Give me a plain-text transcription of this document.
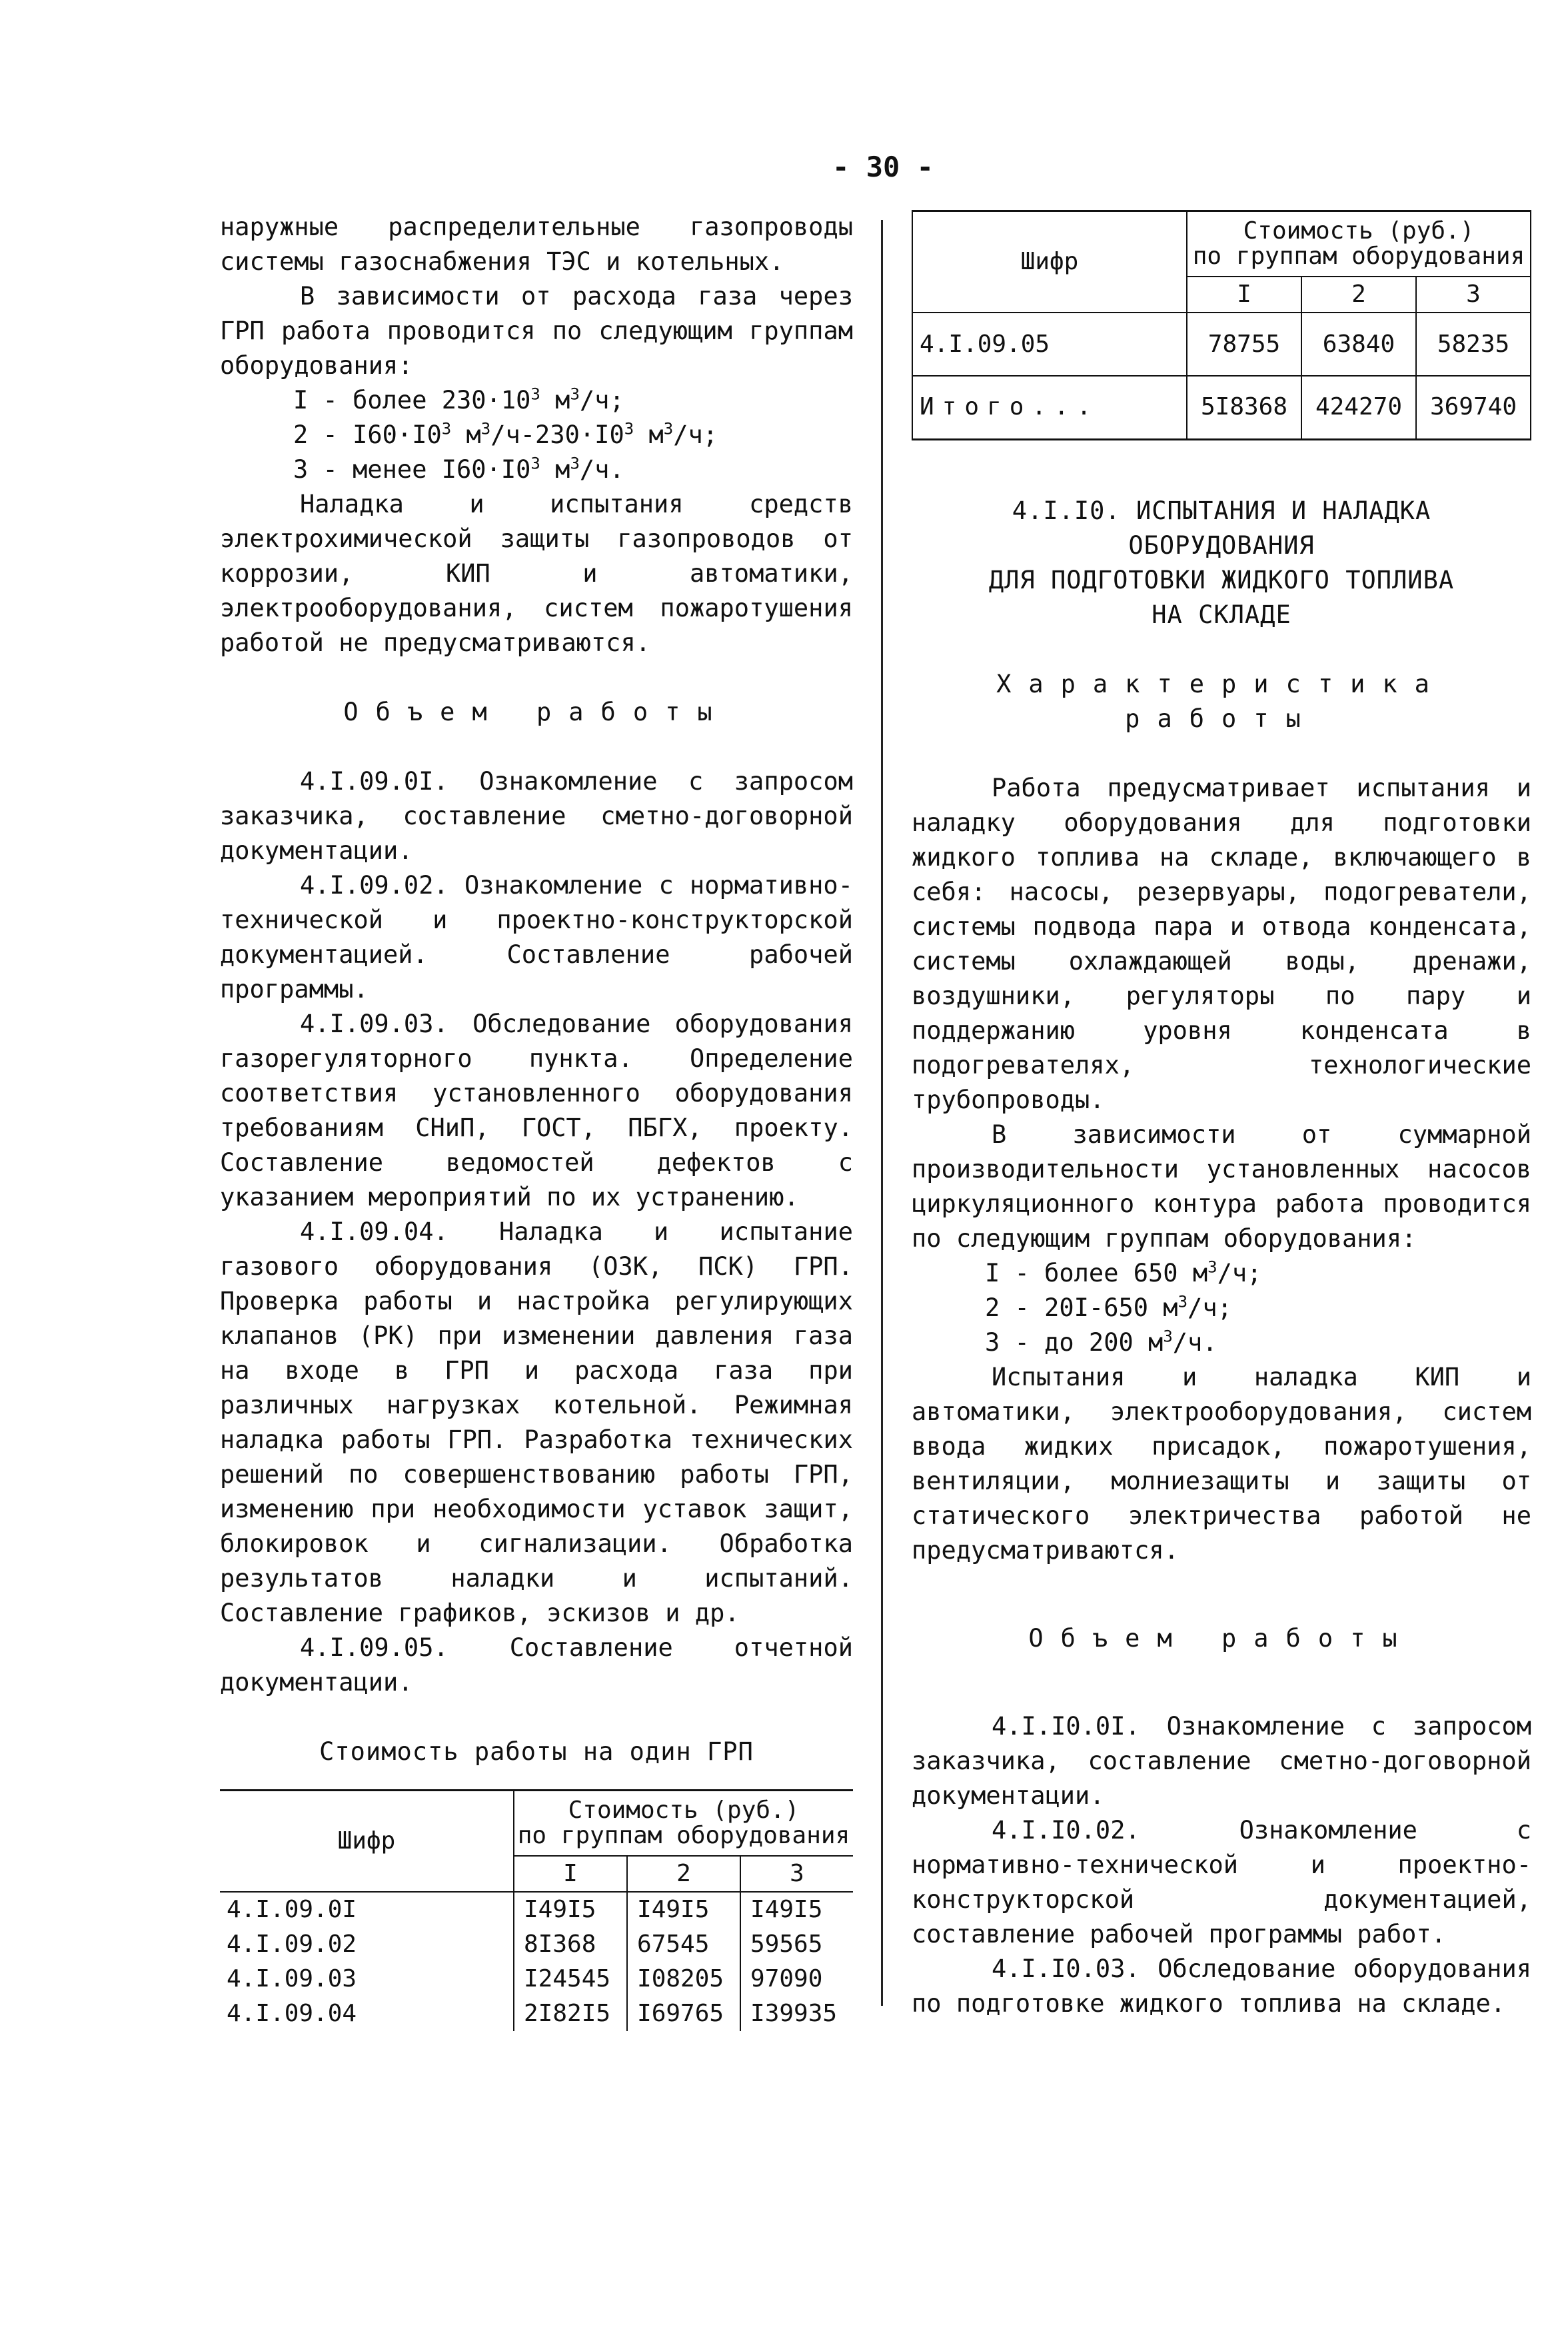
- 30 -

наружные распределительные газопроводы системы газоснабжения ТЭС и котельных.

В зависимости от расхода газа через ГРП работа проводится по следующим группам оборудования:

I - более $230\cdot 10^3$ $м^3/ч$;

$2 - I60\cdot I0^3$ $м^3/ч-230\cdot I0^3$ $м^3/ч$;

3 - менее $I60\cdot I0^3$ $м^3/ч$.

Наладка и испытания средств электрохимической защиты газопроводов от коррозии, КИП и автоматики, электрооборудования, систем пожаротушения работой не предусматриваются.

Объем работы

4.I.09.0I. Ознакомление с запросом заказчика, составление сметно-договорной документации.

4.I.09.02. Ознакомление с нормативно-технической и проектно-конструкторской документацией. Составление рабочей программы.

4.I.09.03. Обследование оборудования газорегуляторного пункта. Определение соответствия установленного оборудования требованиям СНиП, ГОСТ, ПБГХ, проекту. Составление ведомостей дефектов с указанием мероприятий по их устранению.

4.I.09.04. Наладка и испытание газового оборудования (ОЗК, ПСК) ГРП. Проверка работы и настройка регулирующих клапанов (РК) при изменении давления газа на входе в ГРП и расхода газа при различных нагрузках котельной. Режимная наладка работы ГРП. Разработка технических решений по совершенствованию работы ГРП, изменению при необходимости уставок защит, блокировок и сигнализации. Обработка результатов наладки и испытаний. Составление графиков, эскизов и др.

4.I.09.05. Составление отчетной документации.

Стоимость работы на один ГРП

Шифр	Стоимость (руб.)
по группам оборудования		

	I	2	3
4.I.09.0I	I49I5	I49I5	I49I5
4.I.09.02	8I368	67545	59565
4.I.09.03	I24545	I08205	97090
4.I.09.04	2I82I5	I69765	I39935
Шифр	Стоимость (руб.)
по группам оборудования		

	I	2	3
4.I.09.05	78755	63840	58235
Итого...	5I8368	424270	369740

4.I.I0. ИСПЫТАНИЯ И НАЛАДКА ОБОРУДОВАНИЯ

ДЛЯ ПОДГОТОВКИ ЖИДКОГО ТОПЛИВА

НА СКЛАДЕ

Характеристика

работы

Работа предусматривает испытания и наладку оборудования для подготовки жидкого топлива на складе, включающего в себя: насосы, резервуары, подогреватели, системы подвода пара и отвода конденсата, системы охлаждающей воды, дренажи, воздушники, регуляторы по пару и поддержанию уровня конденсата в подогревателях, технологические трубопроводы.

В зависимости от суммарной производительности установленных насосов циркуляционного контура работа проводится по следующим группам оборудования:

I - более 650 $м^3/ч$;

2 - 20I-650 $м^3/ч$;

3 - до 200 $м^3/ч$.

Испытания и наладка КИП и автоматики, электрооборудования, систем ввода жидких присадок, пожаротушения, вентиляции, молниезащиты и защиты от статического электричества работой не предусматриваются.

Объем работы

4.I.I0.0I. Ознакомление с запросом заказчика, составление сметно-договорной документации.

4.I.I0.02. Ознакомление с нормативно-технической и проектно-конструкторской документацией, составление рабочей программы работ.

4.I.I0.03. Обследование оборудования по подготовке жидкого топлива на складе.
